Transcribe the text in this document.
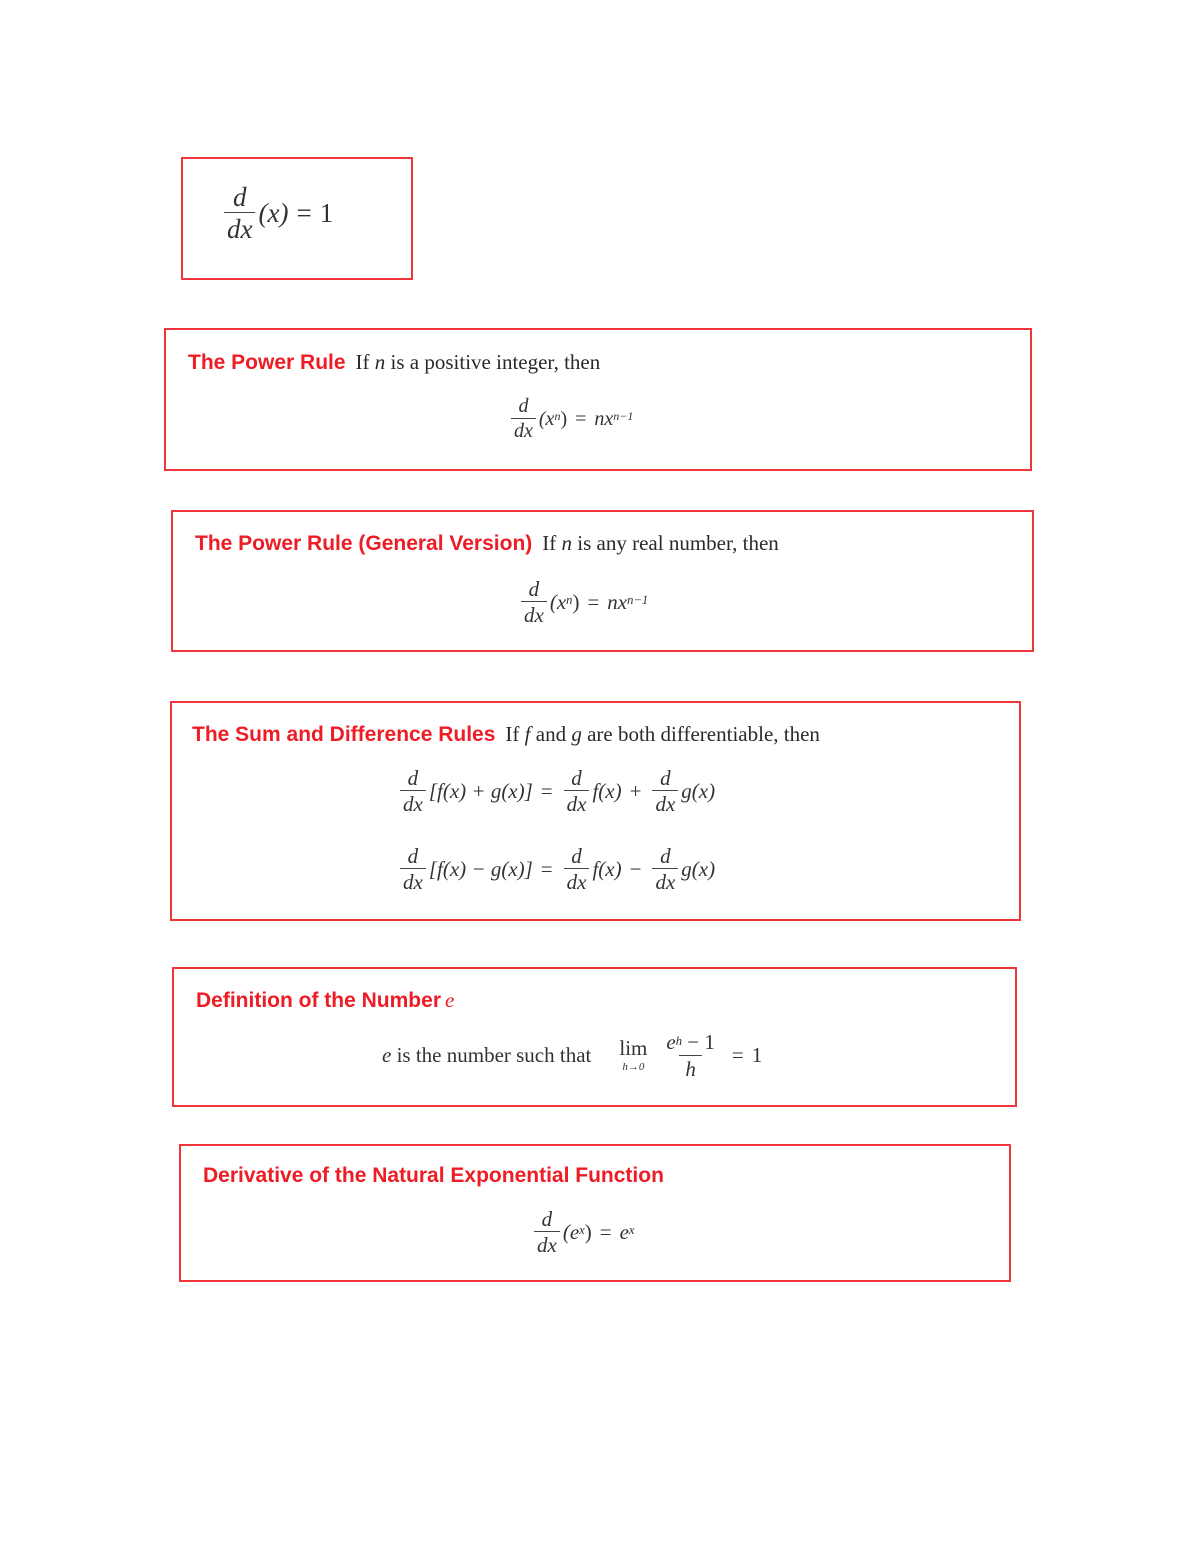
$\frac{d}{dx} (x) = 1$
The Power Rule If n is a positive integer, then
$\frac{d}{dx} (x^n) = nx^{n-1}$
The Power Rule (General Version) If n is any real number, then
$\frac{d}{dx} (x^n) = nx^{n-1}$
The Sum and Difference Rules If f and g are both differentiable, then
$\frac{d}{dx} [f(x) + g(x)] = \frac{d}{dx} f(x) + \frac{d}{dx} g(x)$
$\frac{d}{dx} [f(x) - g(x)] = \frac{d}{dx} f(x) - \frac{d}{dx} g(x)$
Definition of the Number e
e is the number such that lim
$h\to 0 \frac{e^h - 1}{h} = 1$
Derivative of the Natural Exponential Function
$\frac{d}{dx} (e^x) = e^x$
